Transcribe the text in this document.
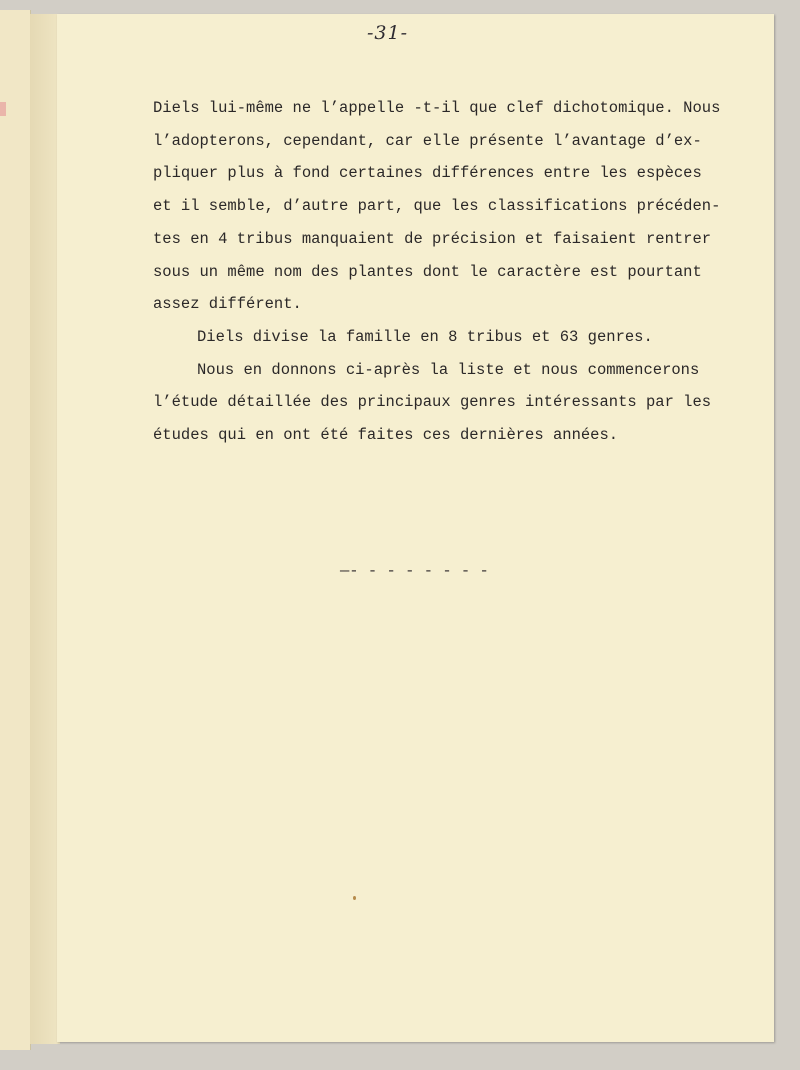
-31-
Diels lui-même ne l’appelle -t-il que clef dichotomique. Nous
l’adopterons, cependant, car elle présente l’avantage d’ex-
pliquer plus à fond certaines différences entre les espèces
et il semble, d’autre part, que les classifications précéden-
tes en 4 tribus manquaient de précision et faisaient rentrer
sous un même nom des plantes dont le caractère est pourtant
assez différent.
Diels divise la famille en 8 tribus et 63 genres.
Nous en donnons ci-après la liste et nous commencerons
l’étude détaillée des principaux genres intéressants par les
études qui en ont été faites ces dernières années.
—- - - - - - - -
